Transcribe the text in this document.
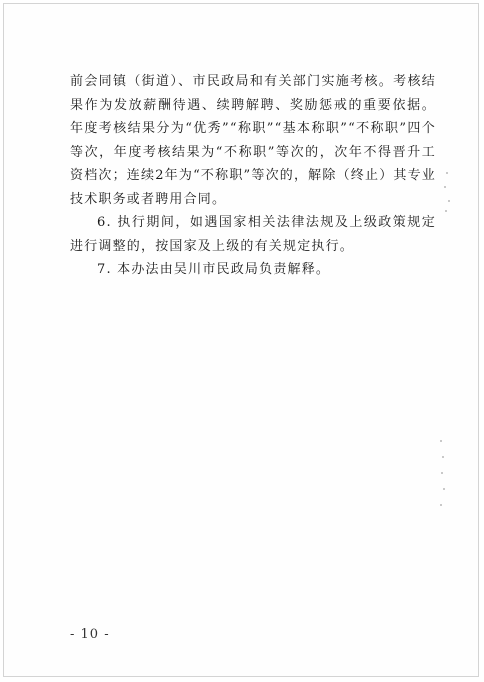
前会同镇（街道）、市民政局和有关部门实施考核。考核结果作为发放薪酬待遇、续聘解聘、奖励惩戒的重要依据。年度考核结果分为“优秀”“称职”“基本称职”“不称职”四个等次，年度考核结果为“不称职”等次的，次年不得晋升工资档次；连续2年为“不称职”等次的，解除（终止）其专业技术职务或者聘用合同。

6. 执行期间，如遇国家相关法律法规及上级政策规定进行调整的，按国家及上级的有关规定执行。

7. 本办法由吴川市民政局负责解释。

- 10 -
